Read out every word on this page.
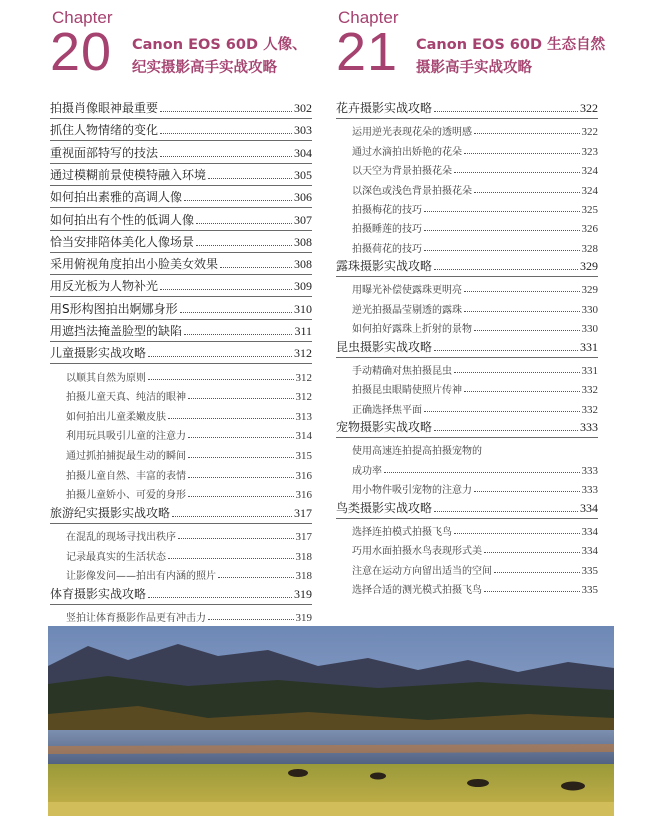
Chapter
20 Canon EOS 60D 人像、
纪实摄影高手实战攻略
拍摄肖像眼神最重要	302
抓住人物情绪的变化	303
重视面部特写的技法	304
通过模糊前景使模特融入环境	305
如何拍出素雅的高调人像	306
如何拍出有个性的低调人像	307
恰当安排陪体美化人像场景	308
采用俯视角度拍出小脸美女效果	308
用反光板为人物补光	309
用S形构图拍出婀娜身形	310
用遮挡法掩盖脸型的缺陷	311
儿童摄影实战攻略	312
以顺其自然为原则	312
拍摄儿童天真、纯洁的眼神	312
如何拍出儿童柔嫩皮肤	313
利用玩具吸引儿童的注意力	314
通过抓拍捕捉最生动的瞬间	315
拍摄儿童自然、丰富的表情	316
拍摄儿童娇小、可爱的身形	316
旅游纪实摄影实战攻略	317
在混乱的现场寻找出秩序	317
记录最真实的生活状态	318
让影像发问——拍出有内涵的照片	318
体育摄影实战攻略	319
竖拍让体育摄影作品更有冲击力	319
Chapter
21 Canon EOS 60D 生态自然
摄影高手实战攻略
花卉摄影实战攻略	322
运用逆光表现花朵的透明感	322
通过水滴拍出娇艳的花朵	323
以天空为背景拍摄花朵	324
以深色或浅色背景拍摄花朵	324
拍摄梅花的技巧	325
拍摄睡莲的技巧	326
拍摄荷花的技巧	328
露珠摄影实战攻略	329
用曝光补偿使露珠更明亮	329
逆光拍摄晶莹剔透的露珠	330
如何拍好露珠上折射的景物	330
昆虫摄影实战攻略	331
手动精确对焦拍摄昆虫	331
拍摄昆虫眼睛使照片传神	332
正确选择焦平面	332
宠物摄影实战攻略	333
使用高速连拍提高拍摄宠物的
成功率	333
用小物件吸引宠物的注意力	333
鸟类摄影实战攻略	334
选择连拍模式拍摄飞鸟	334
巧用水面拍摄水鸟表现形式美	334
注意在运动方向留出适当的空间	335
选择合适的测光模式拍摄飞鸟	335
